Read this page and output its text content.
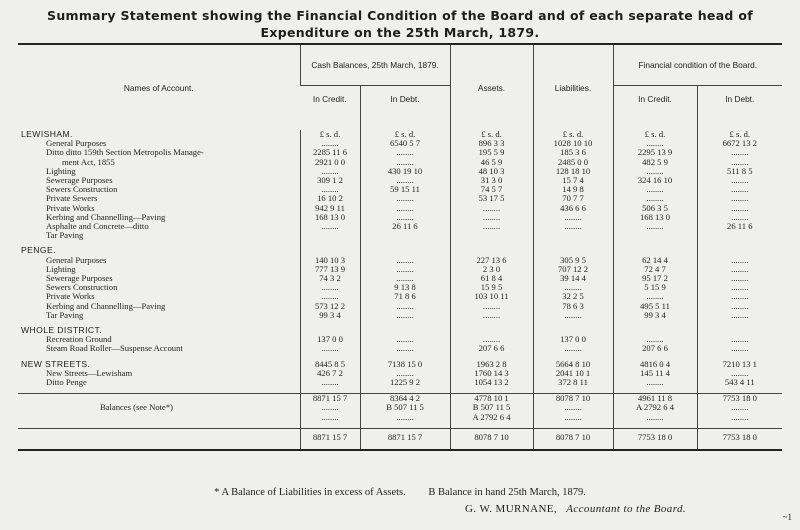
Summary Statement showing the Financial Condition of the Board and of each separate head of
Expenditure on the 25th March, 1879.
Names of Account.	Cash Balances, 25th March, 1879.		Assets.	Liabilities.	Financial condition of the Board.	
	In Credit.	In Debt.			In Credit.	In Debt.

LEWISHAM.	£ s. d.	£ s. d.	£ s. d.	£ s. d.	£ s. d.	£ s. d.
General Purposes	........	6540 5 7	896 3 3	1028 10 10	........	6672 13 2
Ditto ditto 159th Section Metropolis Manage-	2285 11 6	........	195 5 9	185 3 6	2295 13 9	........
ment Act, 1855	2921 0 0	........	46 5 9	2485 0 0	482 5 9	........
Lighting	........	430 19 10	48 10 3	128 18 10	........	511 8 5
Sewerage Purposes	309 1 2	........	31 3 0	15 7 4	324 16 10	........
Sewers Construction	........	59 15 11	74 5 7	14 9 8	........	........
Private Sewers	16 10 2	........	53 17 5	70 7 7	........	........
Private Works	942 9 11	........	........	436 6 6	506 3 5	........
Kerbing and Channelling—Paving	168 13 0	........	........	........	168 13 0	........
Asphalte and Concrete—ditto	........	26 11 6	........	........	........	26 11 6
Tar Paving						

PENGE.						
General Purposes	140 10 3	........	227 13 6	305 9 5	62 14 4	........
Lighting	777 13 9	........	2 3 0	707 12 2	72 4 7	........
Sewerage Purposes	74 3 2	........	61 8 4	39 14 4	95 17 2	........
Sewers Construction	........	9 13 8	15 9 5	........	5 15 9	........
Private Works	........	71 8 6	103 10 11	32 2 5	........	........
Kerbing and Channelling—Paving	573 12 2	........	........	78 6 3	495 5 11	........
Tar Paving	99 3 4	........	........	........	99 3 4	........

WHOLE DISTRICT.						
Recreation Ground	137 0 0	........	........	137 0 0	........	........
Steam Road Roller—Suspense Account	........	........	207 6 6	........	207 6 6	........

NEW STREETS.	8445 8 5	7138 15 0	1963 2 8	5664 8 10	4816 0 4	7210 13 1
New Streets—Lewisham	426 7 2	........	1760 14 3	2041 10 1	145 11 4	........
Ditto Penge	........	1225 9 2	1054 13 2	372 8 11	........	543 4 11

	8871 15 7	8364 4 2	4778 10 1	8078 7 10	4961 11 8	7753 18 0
Balances (see Note*)	........	B 507 11 5	B 507 11 5	........	A 2792 6 4	........
	........	........	A 2792 6 4	........	........	........

	8871 15 7	8871 15 7	8078 7 10	8078 7 10	7753 18 0	7753 18 0

* A Balance of Liabilities in excess of Assets. B Balance in hand 25th March, 1879.
G. W. MURNANE, Accountant to the Board.
~1
